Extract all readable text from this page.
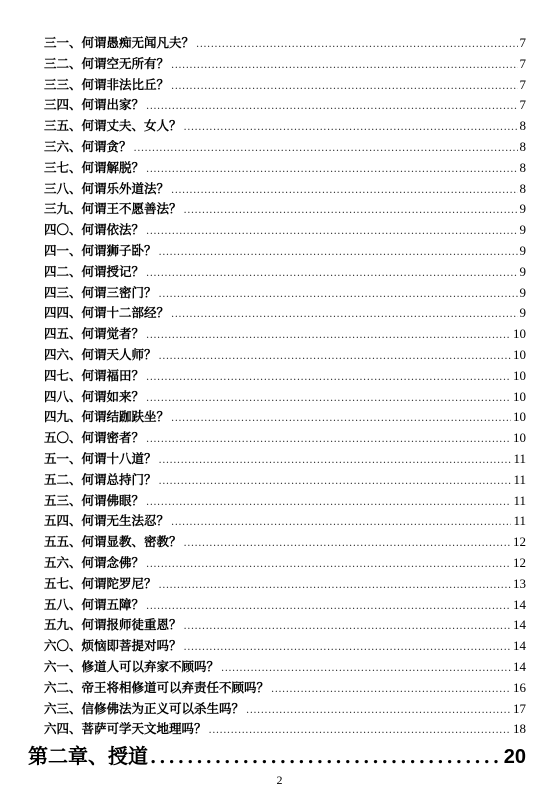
三一、何谓愚痴无闻凡夫？ .....	7
三二、何谓空无所有？ .....	7
三三、何谓非法比丘？ .....	7
三四、何谓出家？ .....	7
三五、何谓丈夫、女人？ .....	8
三六、何谓贪？ .....	8
三七、何谓解脱？ .....	8
三八、何谓乐外道法？ .....	8
三九、何谓王不愿善法？ .....	9
四〇、何谓依法？ .....	9
四一、何谓狮子卧？ .....	9
四二、何谓授记？ .....	9
四三、何谓三密门？ .....	9
四四、何谓十二部经？ .....	9
四五、何谓觉者？ .....	10
四六、何谓天人师？ .....	10
四七、何谓福田？ .....	10
四八、何谓如来？ .....	10
四九、何谓结跏趺坐？ .....	10
五〇、何谓密者？ .....	10
五一、何谓十八道？ .....	11
五二、何谓总持门？ .....	11
五三、何谓佛眼？ .....	11
五四、何谓无生法忍？ .....	11
五五、何谓显教、密教？ .....	12
五六、何谓念佛？ .....	12
五七、何谓陀罗尼？ .....	13
五八、何谓五障？ .....	14
五九、何谓报师徒重恩？ .....	14
六〇、烦恼即菩提对吗？ .....	14
六一、修道人可以弃家不顾吗？ .....	14
六二、帝王将相修道可以弃责任不顾吗？ .....	16
六三、信修佛法为正义可以杀生吗？ .....	17
六四、菩萨可学天文地理吗？ .....	18
第二章、授道 .....	20
2
